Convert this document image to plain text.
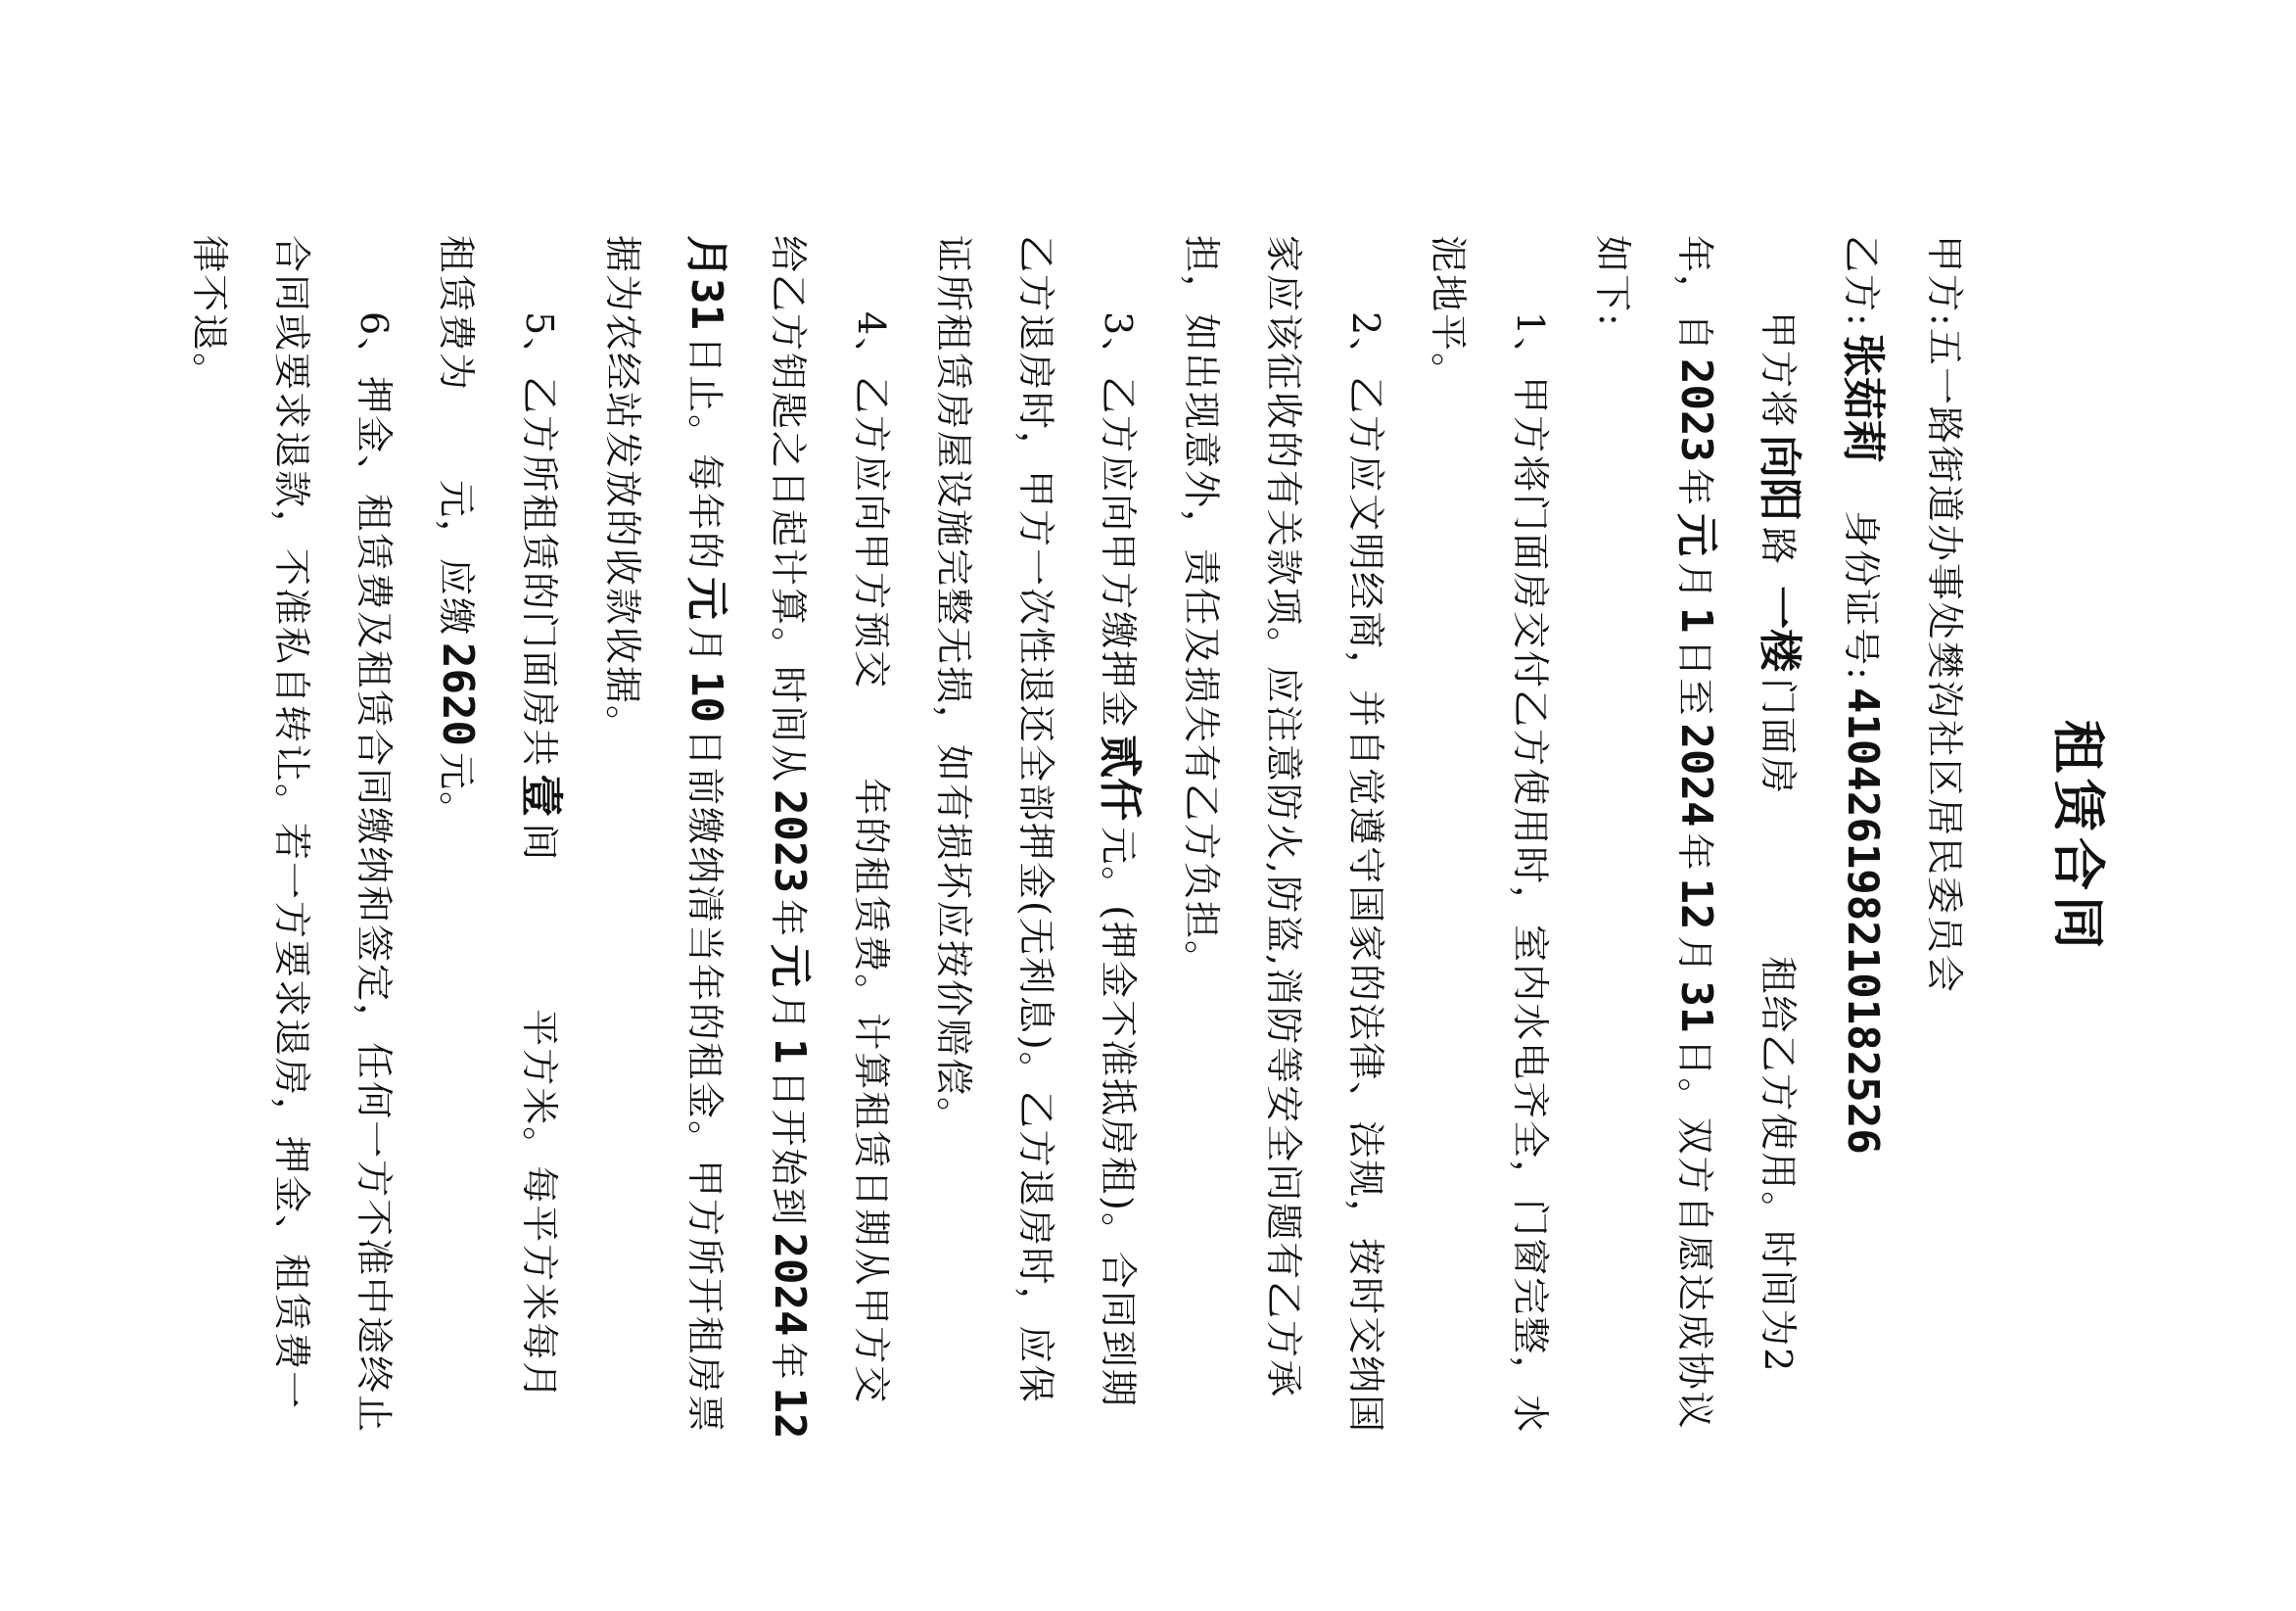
租赁合同
甲方:五一路街道办事处樊沟社区居民委员会
乙方:张茹莉   身份证号:410426198210182526

甲方将向阳路 一楼门面房 租给乙方使用。时间为2年，自2023年元月1日至2024年12月31日。双方自愿达成协议如下:

1、甲方将门面房交付乙方使用时，室内水电齐全，门窗完整，水泥地平。

2、乙方应文明经商，并自觉遵守国家的法律、法规，按时交纳国家应该征收的有关款项。应注意防火,防盗,消防等安全问题有乙方承担，如出现意外，责任及损失有乙方负担。

3、乙方应向甲方缴押金贰仟元。(押金不准抵房租)。合同到期乙方退房时，甲方一次性退还全部押金(无利息)。乙方退房时，应保证所租赁房屋设施完整无损，如有损坏应按价赔偿。

4、乙方应向甲方预交年的租赁费。计算租赁日期从甲方交给乙方钥匙之日起计算。时间从2023年元月1日开始到2024年12月31日止。每年的元月10日前缴纳清当年的租金。甲方所开租房票据为农经站发放的收款收据。

5、乙方所租赁的门面房共壹间平方米。每平方米每月租赁费为元，应缴2620元。

6、押金、租赁费及租赁合同缴纳和签定，任何一方不准中途终止合同或要求退款，不准私自转让。若一方要求退房，押金、租赁费一律不退。
